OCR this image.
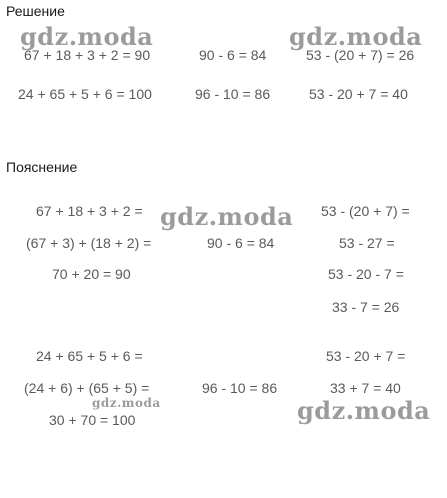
gdz.moda	gdz.moda
gdz.moda
gdz.moda	gdz.moda
Решение
67 + 18 + 3 + 2 = 90	90 - 6 = 84	53 - (20 + 7) = 26
24 + 65 + 5 + 6 = 100	96 - 10 = 86	53 - 20 + 7 = 40
Пояснение
67 + 18 + 3 + 2 =
(67 + 3) + (18 + 2) =
70 + 20 = 90
90 - 6 = 84
53 - (20 + 7) =
53 - 27 =
53 - 20 - 7 =
33 - 7 = 26
24 + 65 + 5 + 6 =
(24 + 6) + (65 + 5) =
30 + 70 = 100
96 - 10 = 86
53 - 20 + 7 =
33 + 7 = 40
